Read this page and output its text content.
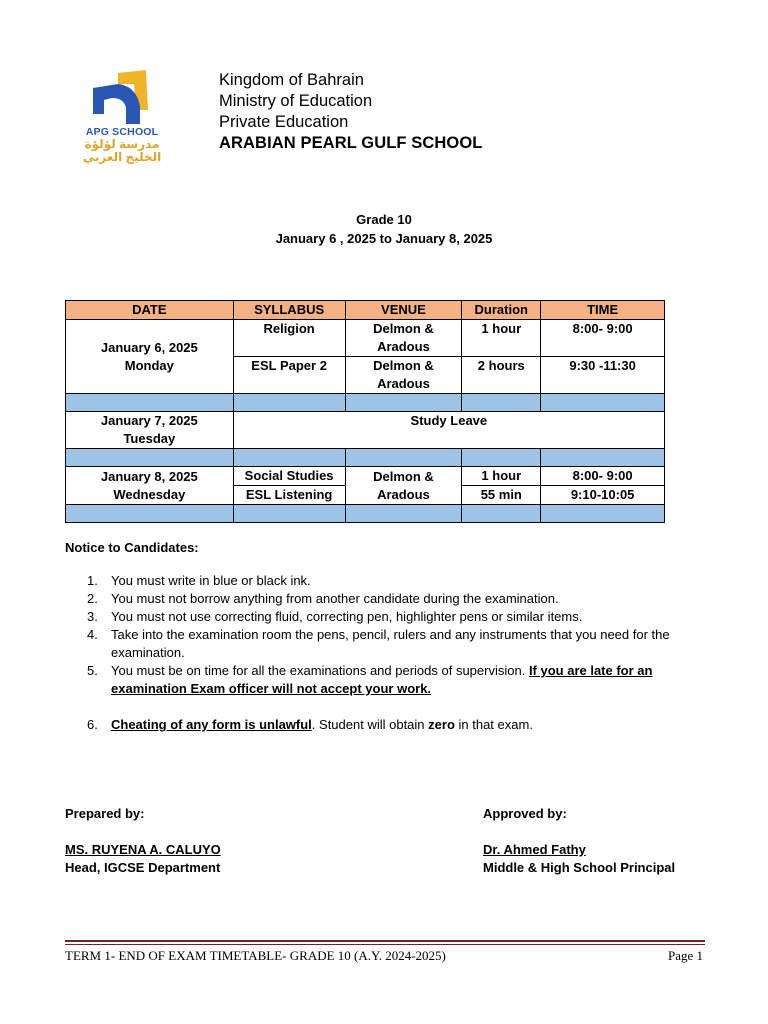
APG SCHOOL
مدرسة لؤلؤة
الخليج العربي
Kingdom of Bahrain
Ministry of Education
Private Education
ARABIAN PEARL GULF SCHOOL
Grade 10
January 6 , 2025 to January 8, 2025
DATE	SYLLABUS	VENUE	Duration	TIME

January 6, 2025
Monday	Religion	Delmon & Aradous	1 hour	8:00- 9:00
	ESL Paper 2	Delmon & Aradous	2 hours	9:30 -11:30

January 7, 2025
Tuesday	Study Leave			

January 8, 2025
Wednesday	Social Studies	Delmon & Aradous	1 hour	8:00- 9:00
	ESL Listening		55 min	9:10-10:05

Notice to Candidates:
1. You must write in blue or black ink.
2. You must not borrow anything from another candidate during the examination.
3. You must not use correcting fluid, correcting pen, highlighter pens or similar items.
4. Take into the examination room the pens, pencil, rulers and any instruments that you need for the examination.
5. You must be on time for all the examinations and periods of supervision. If you are late for an examination Exam officer will not accept your work.
6. Cheating of any form is unlawful. Student will obtain zero in that exam.
Prepared by:
MS. RUYENA A. CALUYO
Head, IGCSE Department
Approved by:
Dr. Ahmed Fathy
Middle & High School Principal
TERM 1- END OF EXAM TIMETABLE- GRADE 10 (A.Y. 2024-2025)	Page 1
